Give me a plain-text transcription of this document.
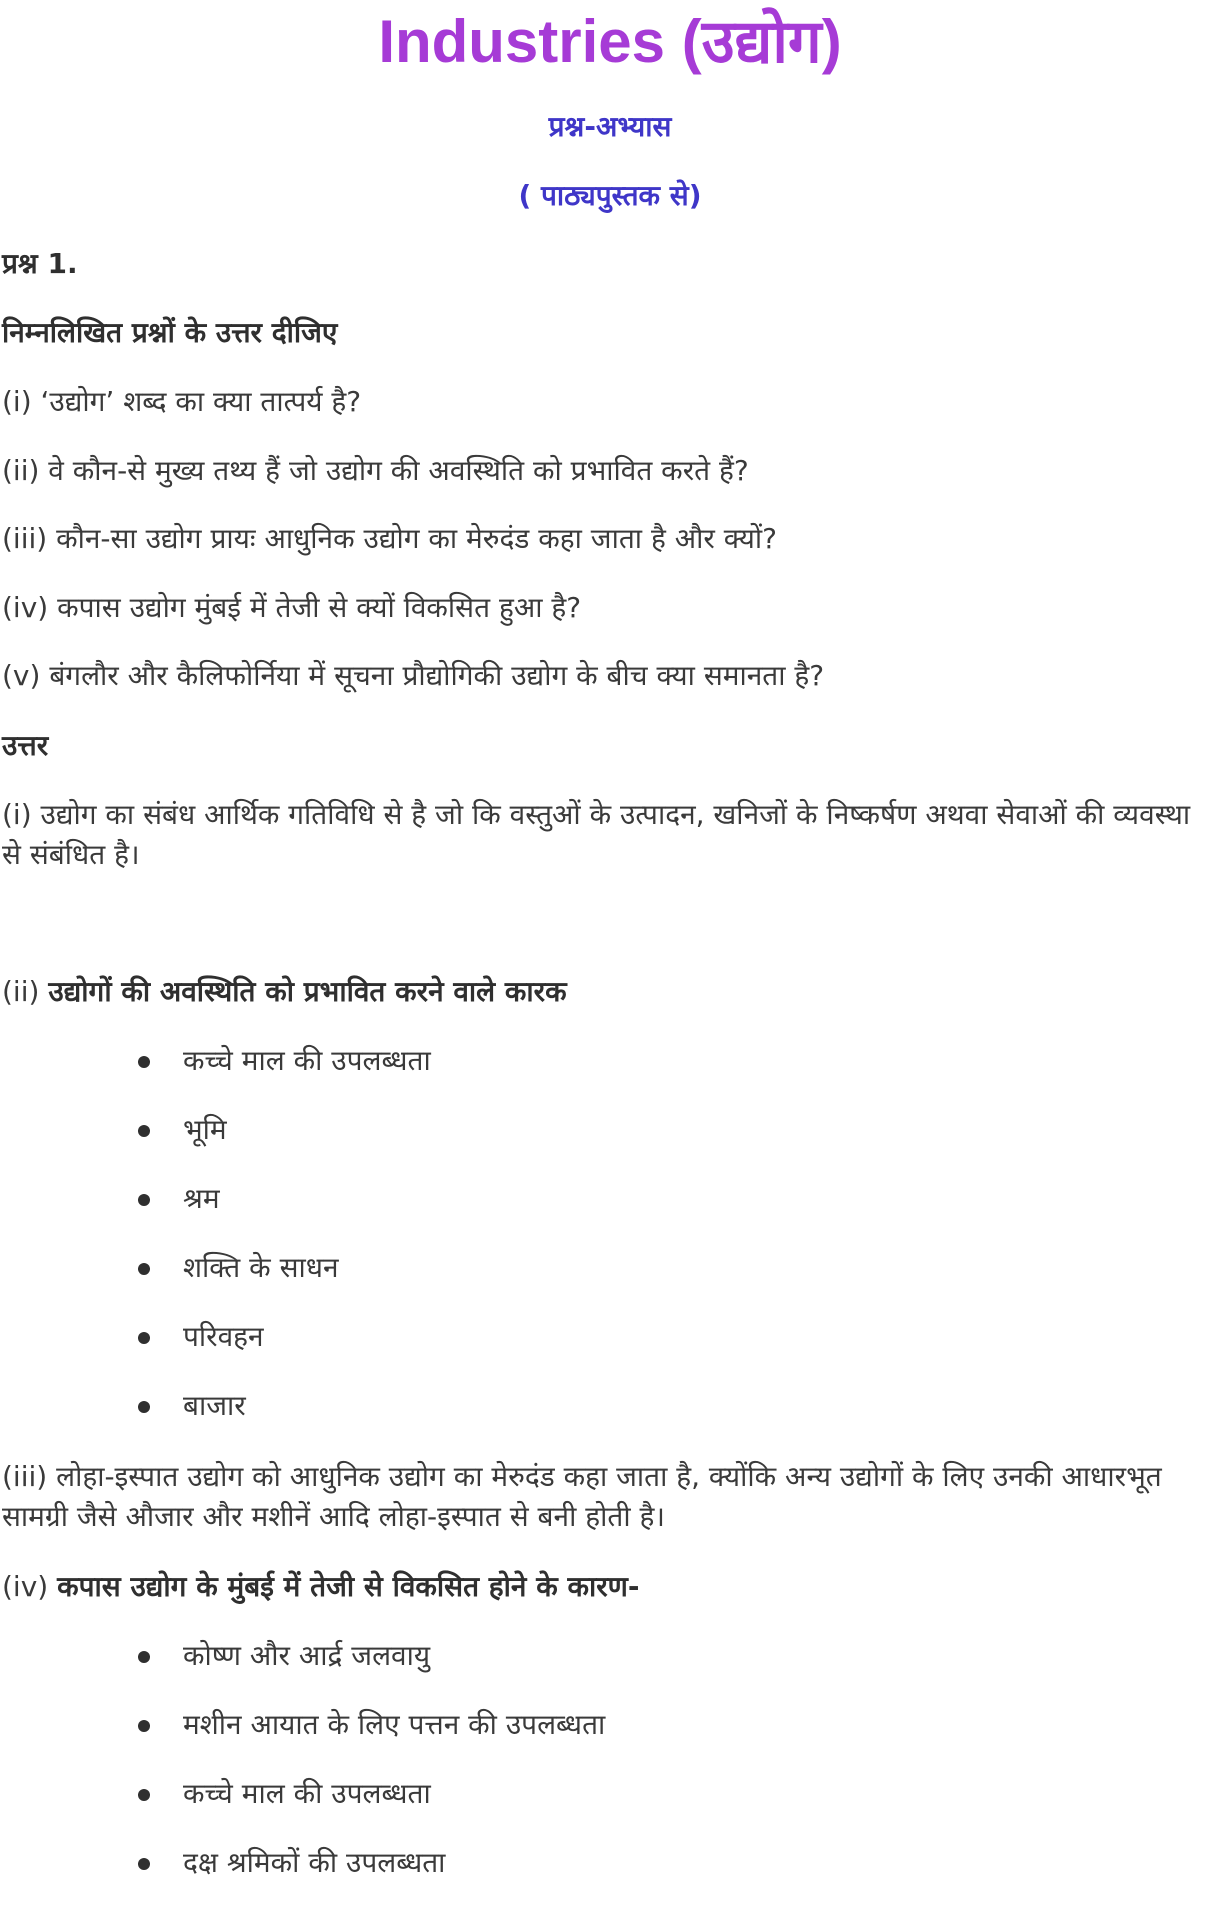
Industries (उद्योग)
प्रश्न-अभ्यास
( पाठ्यपुस्तक से)
प्रश्न 1.
निम्नलिखित प्रश्नों के उत्तर दीजिए
(i) ‘उद्योग’ शब्द का क्या तात्पर्य है?
(ii) वे कौन-से मुख्य तथ्य हैं जो उद्योग की अवस्थिति को प्रभावित करते हैं?
(iii) कौन-सा उद्योग प्रायः आधुनिक उद्योग का मेरुदंड कहा जाता है और क्यों?
(iv) कपास उद्योग मुंबई में तेजी से क्यों विकसित हुआ है?
(v) बंगलौर और कैलिफोर्निया में सूचना प्रौद्योगिकी उद्योग के बीच क्या समानता है?
उत्तर
(i) उद्योग का संबंध आर्थिक गतिविधि से है जो कि वस्तुओं के उत्पादन, खनिजों के निष्कर्षण अथवा सेवाओं की व्यवस्था से संबंधित है।
(ii) उद्योगों की अवस्थिति को प्रभावित करने वाले कारक
कच्चे माल की उपलब्धता
भूमि
श्रम
शक्ति के साधन
परिवहन
बाजार
(iii) लोहा-इस्पात उद्योग को आधुनिक उद्योग का मेरुदंड कहा जाता है, क्योंकि अन्य उद्योगों के लिए उनकी आधारभूत सामग्री जैसे औजार और मशीनें आदि लोहा-इस्पात से बनी होती है।
(iv) कपास उद्योग के मुंबई में तेजी से विकसित होने के कारण-
कोष्ण और आर्द्र जलवायु
मशीन आयात के लिए पत्तन की उपलब्धता
कच्चे माल की उपलब्धता
दक्ष श्रमिकों की उपलब्धता
